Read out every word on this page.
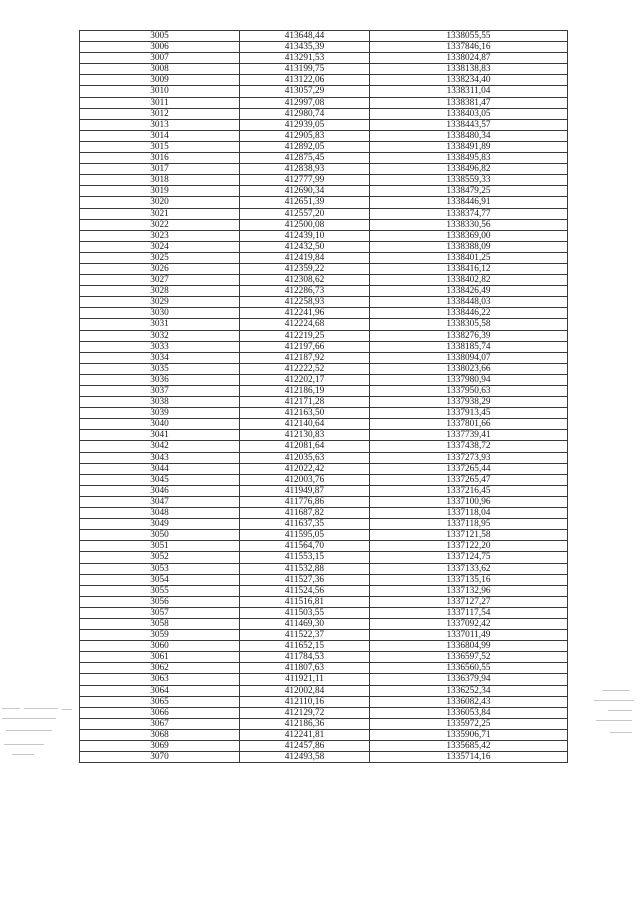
3005	413648,44	1338055,55
3006	413435,39	1337846,16
3007	413291,53	1338024,87
3008	413199,75	1338138,83
3009	413122,06	1338234,40
3010	413057,29	1338311,04
3011	412997,08	1338381,47
3012	412980,74	1338403,05
3013	412939,05	1338443,57
3014	412905,83	1338480,34
3015	412892,05	1338491,89
3016	412875,45	1338495,83
3017	412838,93	1338496,82
3018	412777,99	1338559,33
3019	412690,34	1338479,25
3020	412651,39	1338446,91
3021	412557,20	1338374,77
3022	412500,08	1338330,56
3023	412439,10	1338369,00
3024	412432,50	1338388,09
3025	412419,84	1338401,25
3026	412359,22	1338416,12
3027	412308,62	1338402,82
3028	412286,73	1338426,49
3029	412258,93	1338448,03
3030	412241,96	1338446,22
3031	412224,68	1338305,58
3032	412219,25	1338276,39
3033	412197,66	1338185,74
3034	412187,92	1338094,07
3035	412222,52	1338023,66
3036	412202,17	1337980,94
3037	412186,19	1337950,63
3038	412171,28	1337938,29
3039	412163,50	1337913,45
3040	412140,64	1337801,66
3041	412130,83	1337739,41
3042	412081,64	1337438,72
3043	412035,63	1337273,93
3044	412022,42	1337265,44
3045	412003,76	1337265,47
3046	411949,87	1337216,45
3047	411776,86	1337100,96
3048	411687,82	1337118,04
3049	411637,35	1337118,95
3050	411595,05	1337121,58
3051	411564,70	1337122,20
3052	411553,15	1337124,75
3053	411532,88	1337133,62
3054	411527,36	1337135,16
3055	411524,56	1337132,96
3056	411516,81	1337127,27
3057	411503,55	1337117,54
3058	411469,30	1337092,42
3059	411522,37	1337011,49
3060	411652,15	1336804,99
3061	411784,53	1336597,52
3062	411807,63	1336560,55
3063	411921,11	1336379,94
3064	412002,84	1336252,34
3065	412110,16	1336082,43
3066	412129,72	1336053,84
3067	412186,36	1335972,25
3068	412241,81	1335906,71
3069	412457,86	1335685,42
3070	412493,58	1335714,16
